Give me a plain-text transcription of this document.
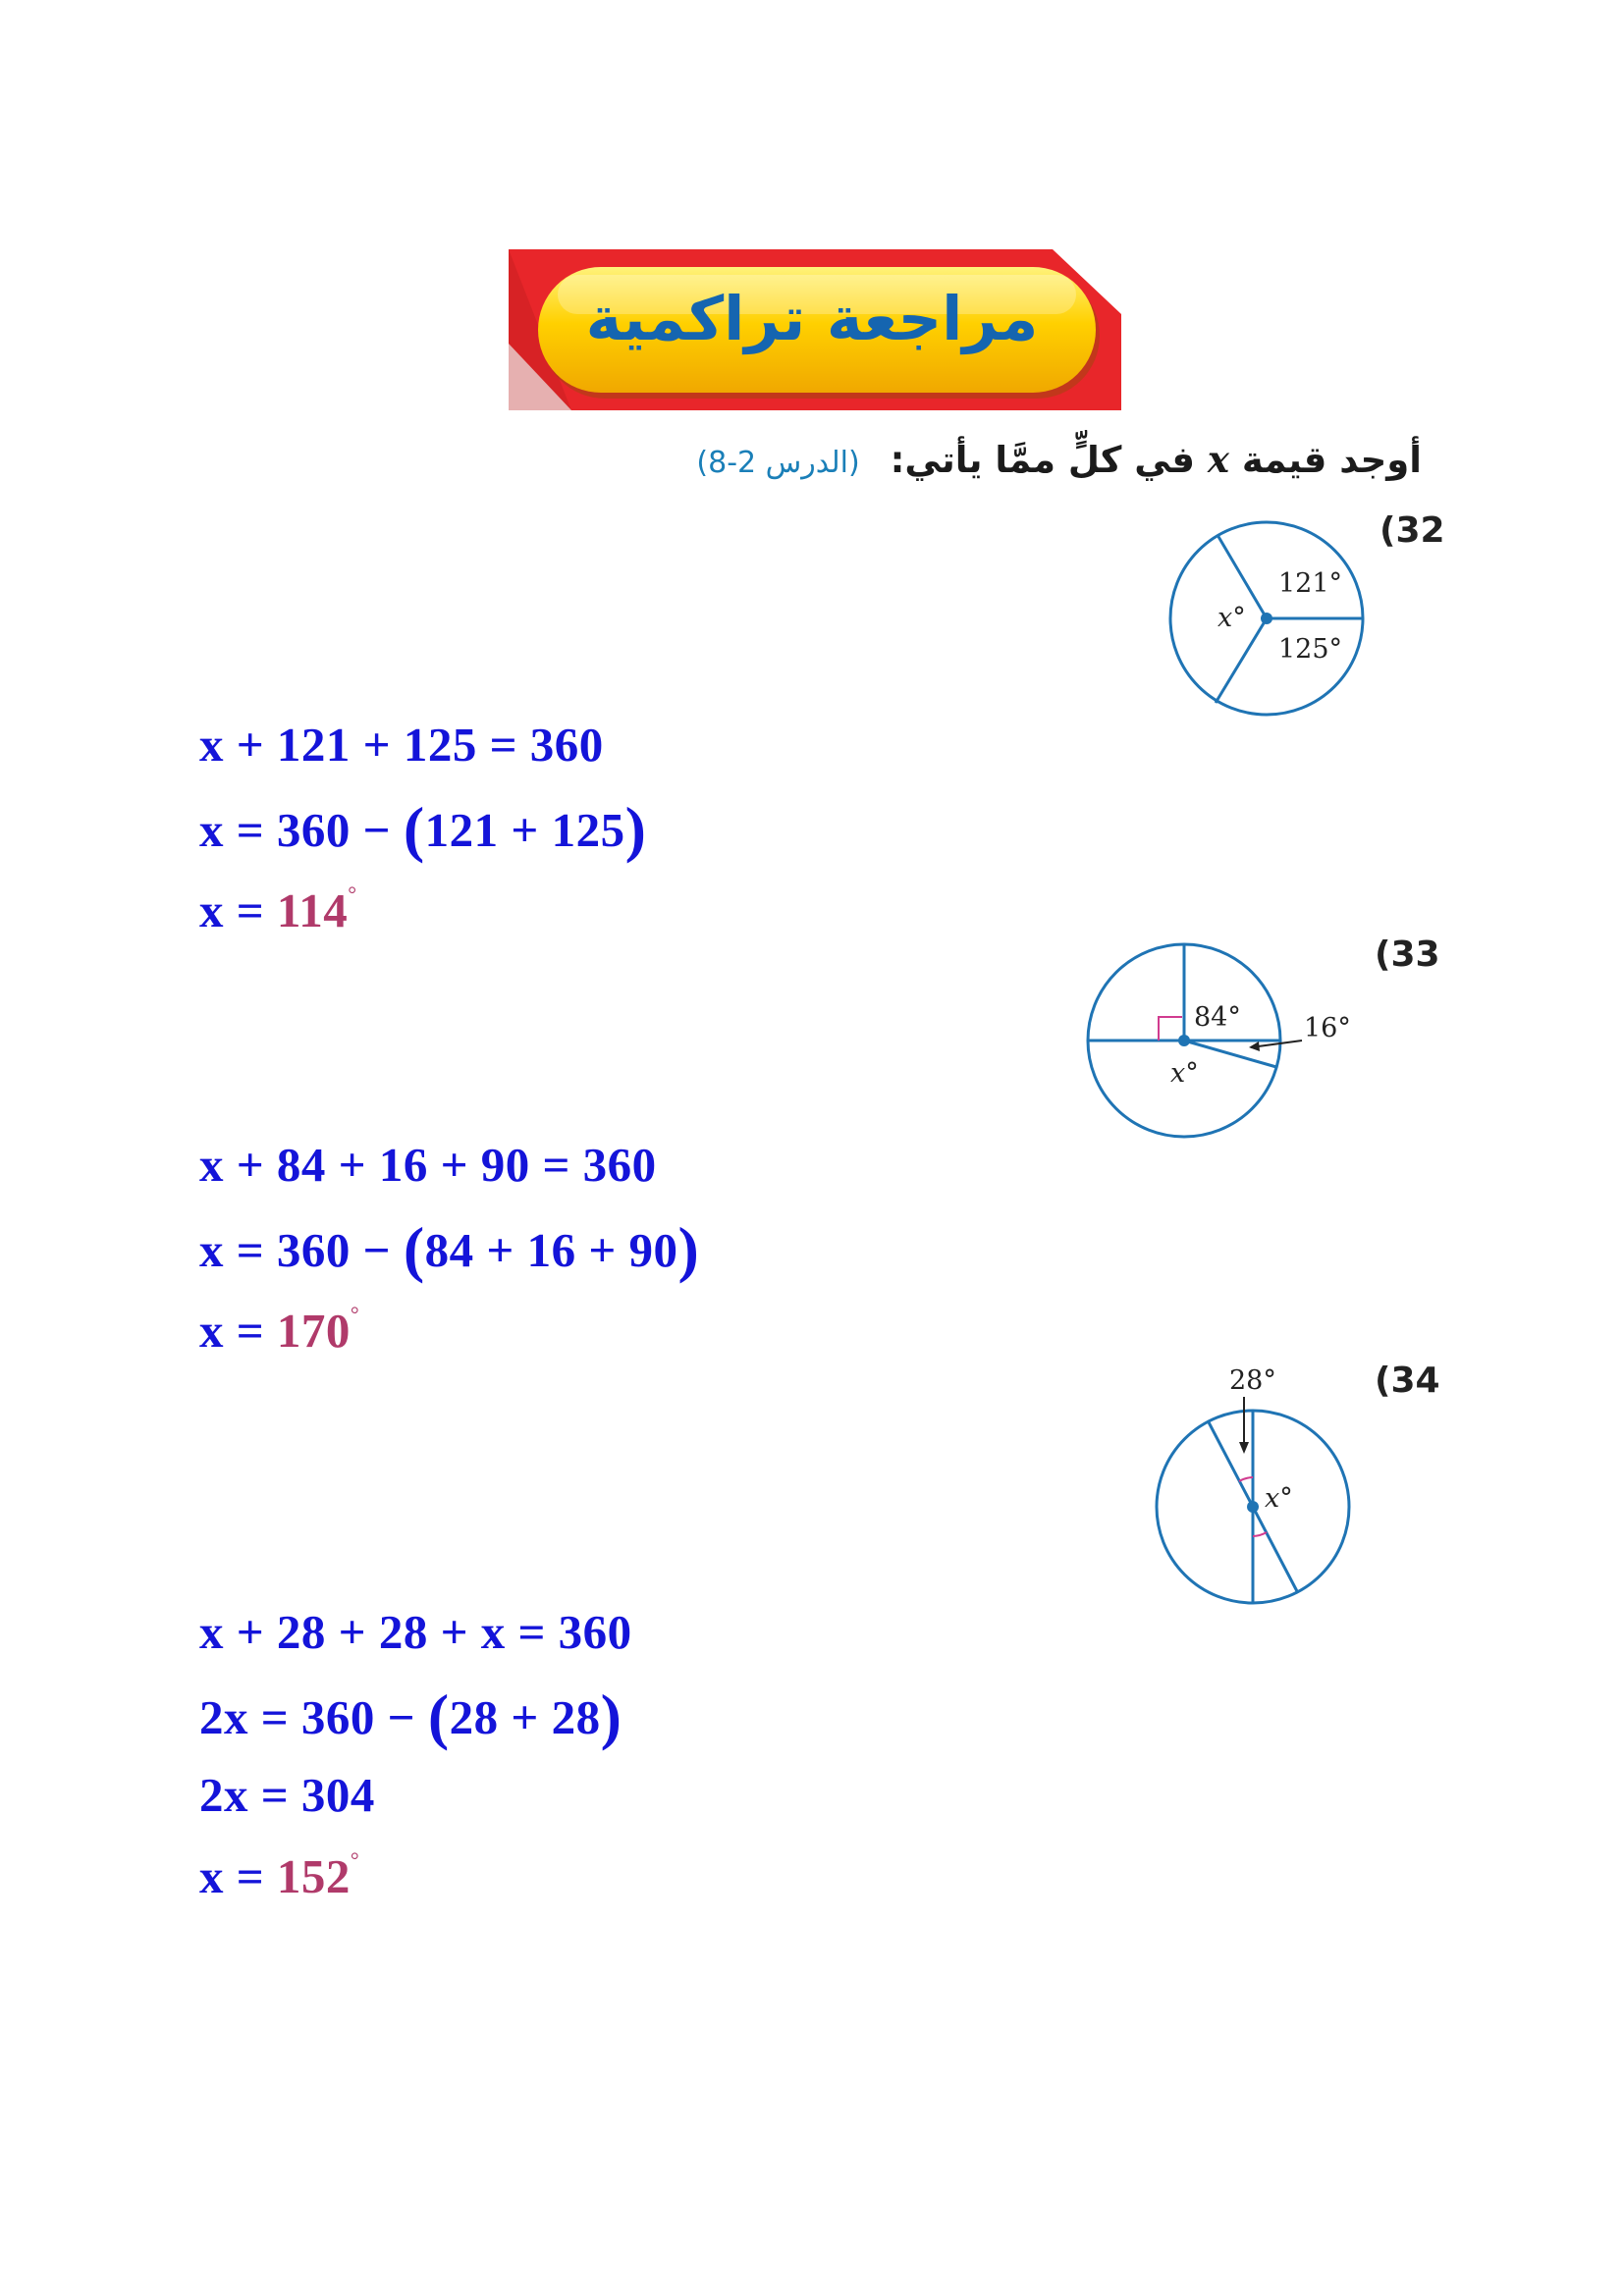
مراجعة تراكمية
أوجد قيمة x في كلٍّ ممَّا يأتي: (الدرس 2-8)
(32
121°
125°
x°
x + 121 + 125 = 360
x = 360 − (121 + 125)
x = 114°
(33
84° 16°
x°
x + 84 + 16 + 90 = 360
x = 360 − (84 + 16 + 90)
x = 170°
(34
28°
x°
x + 28 + 28 + x = 360
2x = 360 − (28 + 28)
2x = 304
x = 152°
